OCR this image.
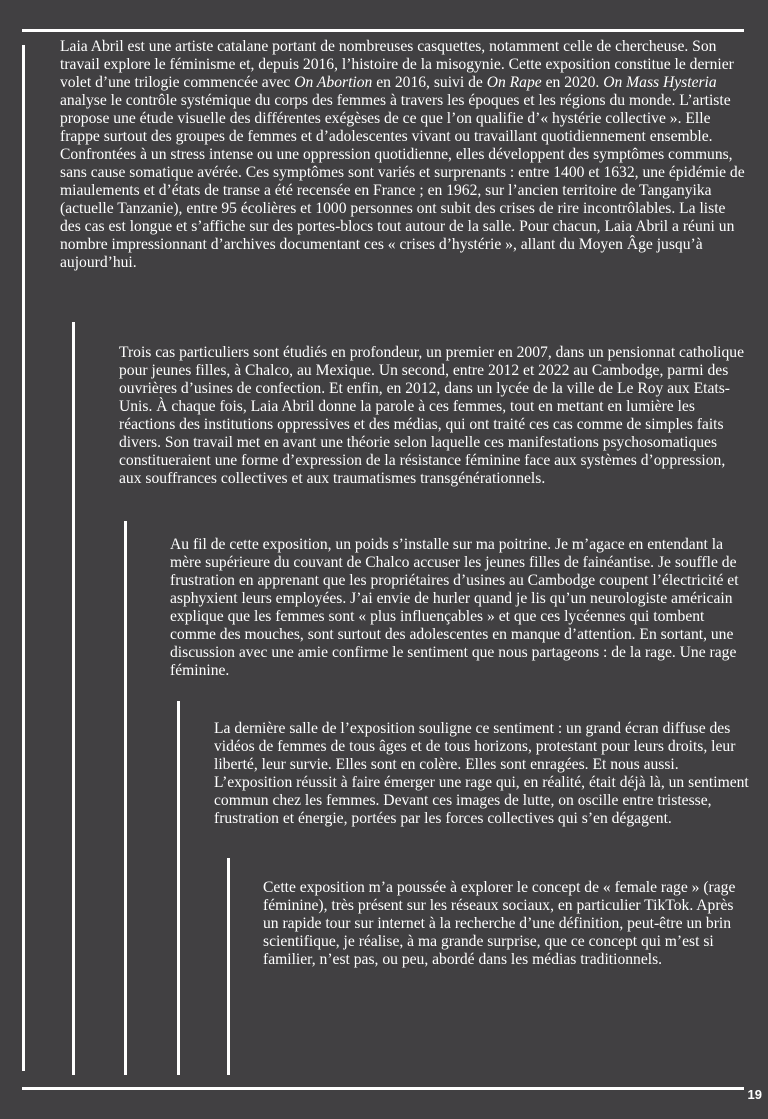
Laia Abril est une artiste catalane portant de nombreuses casquettes, notamment celle de chercheuse. Son travail explore le féminisme et, depuis 2016, l’histoire de la misogynie. Cette exposition constitue le dernier volet d’une trilogie commencée avec On Abortion en 2016, suivi de On Rape en 2020. On Mass Hysteria analyse le contrôle systémique du corps des femmes à travers les époques et les régions du monde. L’artiste propose une étude visuelle des différentes exégèses de ce que l’on qualifie d’« hystérie collective ». Elle frappe surtout des groupes de femmes et d’adolescentes vivant ou travaillant quotidiennement ensemble. Confrontées à un stress intense ou une oppression quotidienne, elles développent des symptômes communs, sans cause somatique avérée. Ces symptômes sont variés et surprenants : entre 1400 et 1632, une épidémie de miaulements et d’états de transe a été recensée en France ; en 1962, sur l’ancien territoire de Tanganyika (actuelle Tanzanie), entre 95 écolières et 1000 personnes ont subit des crises de rire incontrôlables. La liste des cas est longue et s’affiche sur des portes-blocs tout autour de la salle. Pour chacun, Laia Abril a réuni un nombre impressionnant d’archives documentant ces « crises d’hystérie », allant du Moyen Âge jusqu’à aujourd’hui.

Trois cas particuliers sont étudiés en profondeur, un premier en 2007, dans un pensionnat catholique pour jeunes filles, à Chalco, au Mexique. Un second, entre 2012 et 2022 au Cambodge, parmi des ouvrières d’usines de confection. Et enfin, en 2012, dans un lycée de la ville de Le Roy aux Etats-Unis. À chaque fois, Laia Abril donne la parole à ces femmes, tout en mettant en lumière les réactions des institutions oppressives et des médias, qui ont traité ces cas comme de simples faits divers. Son travail met en avant une théorie selon laquelle ces manifestations psychosomatiques constitueraient une forme d’expression de la résistance féminine face aux systèmes d’oppression, aux souffrances collectives et aux traumatismes transgénérationnels.

Au fil de cette exposition, un poids s’installe sur ma poitrine. Je m’agace en entendant la mère supérieure du couvant de Chalco accuser les jeunes filles de fainéantise. Je souffle de frustration en apprenant que les propriétaires d’usines au Cambodge coupent l’électricité et asphyxient leurs employées. J’ai envie de hurler quand je lis qu’un neurologiste américain explique que les femmes sont « plus influençables » et que ces lycéennes qui tombent comme des mouches, sont surtout des adolescentes en manque d’attention. En sortant, une discussion avec une amie confirme le sentiment que nous partageons : de la rage. Une rage féminine.

La dernière salle de l’exposition souligne ce sentiment : un grand écran diffuse des vidéos de femmes de tous âges et de tous horizons, protestant pour leurs droits, leur liberté, leur survie. Elles sont en colère. Elles sont enragées. Et nous aussi. L’exposition réussit à faire émerger une rage qui, en réalité, était déjà là, un sentiment commun chez les femmes. Devant ces images de lutte, on oscille entre tristesse, frustration et énergie, portées par les forces collectives qui s’en dégagent.

Cette exposition m’a poussée à explorer le concept de « female rage » (rage féminine), très présent sur les réseaux sociaux, en particulier TikTok. Après un rapide tour sur internet à la recherche d’une définition, peut-être un brin scientifique, je réalise, à ma grande surprise, que ce concept qui m’est si familier, n’est pas, ou peu, abordé dans les médias traditionnels.

19
